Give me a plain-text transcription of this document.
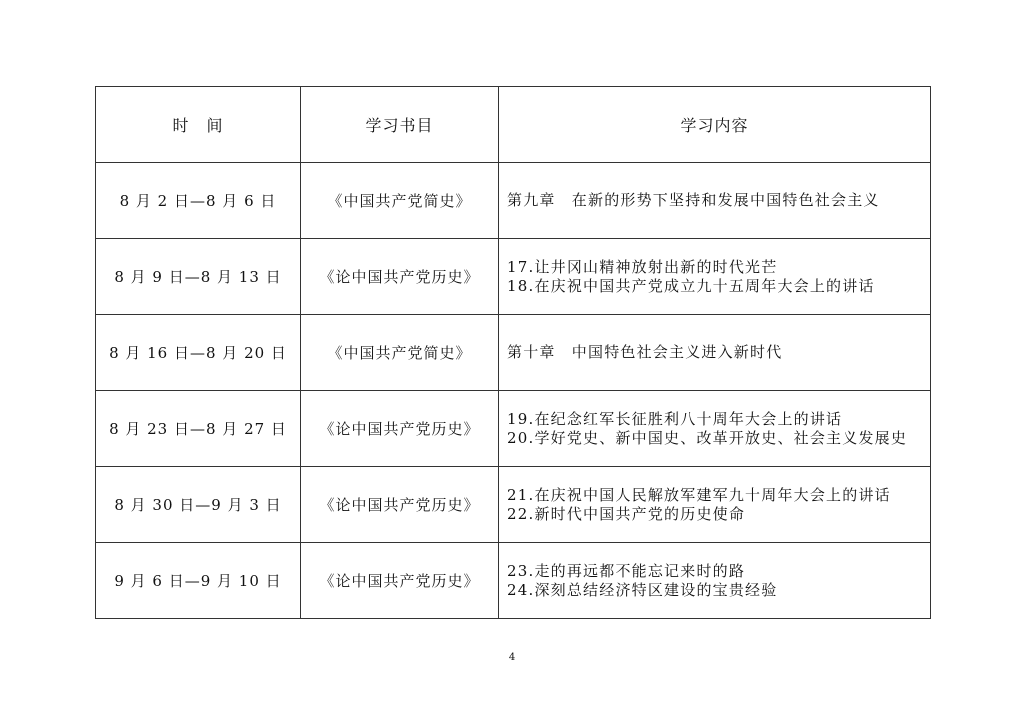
时　间	学习书目	学习内容
8 月 2 日—8 月 6 日	《中国共产党简史》	第九章　在新的形势下坚持和发展中国特色社会主义

8 月 9 日—8 月 13 日	《论中国共产党历史》	17.让井冈山精神放射出新的时代光芒
18.在庆祝中国共产党成立九十五周年大会上的讲话

8 月 16 日—8 月 20 日	《中国共产党简史》	第十章　中国特色社会主义进入新时代

8 月 23 日—8 月 27 日	《论中国共产党历史》	19.在纪念红军长征胜利八十周年大会上的讲话
20.学好党史、新中国史、改革开放史、社会主义发展史

8 月 30 日—9 月 3 日	《论中国共产党历史》	21.在庆祝中国人民解放军建军九十周年大会上的讲话
22.新时代中国共产党的历史使命

9 月 6 日—9 月 10 日	《论中国共产党历史》	23.走的再远都不能忘记来时的路
24.深刻总结经济特区建设的宝贵经验
4
